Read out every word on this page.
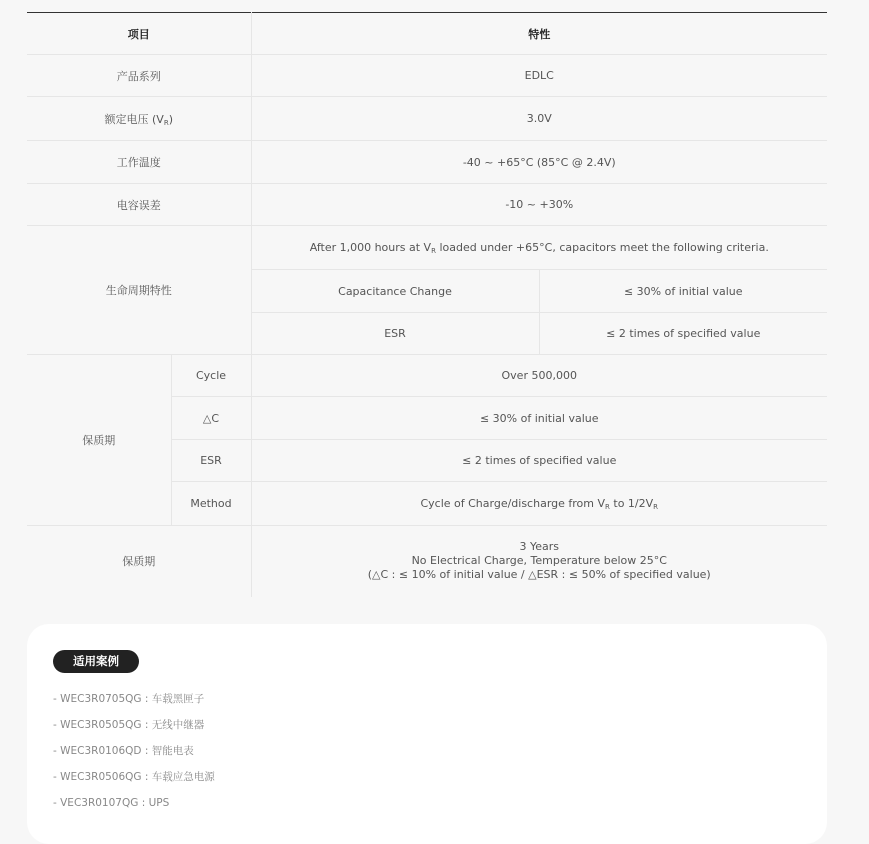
项目		特性	
产品系列		EDLC	
额定电压 $(V_R)$		3.0V	
工作温度		-40 ~ +65°C (85°C @ 2.4V)	
电容误差		-10 ~ +30%	
生命周期特性		After 1,000 hours at $V_R$ loaded under +65°C, capacitors meet the following criteria.	
		Capacitance Change	≤ 30% of initial value
		ESR	≤ 2 times of specified value
保质期	Cycle	Over 500,000	
	△C	≤ 30% of initial value	
	ESR	≤ 2 times of specified value	
	Method	Cycle of Charge/discharge from $V_R$ to $1/2V_R$
保质期		3 Years
No Electrical Charge, Temperature below 25°C
(△C : ≤ 10% of initial value / △ESR : ≤ 50% of specified value)	
适用案例
- WEC3R0705QG : 车载黑匣子
- WEC3R0505QG : 无线中继器
- WEC3R0106QD : 智能电表
- WEC3R0506QG : 车载应急电源
- VEC3R0107QG : UPS
